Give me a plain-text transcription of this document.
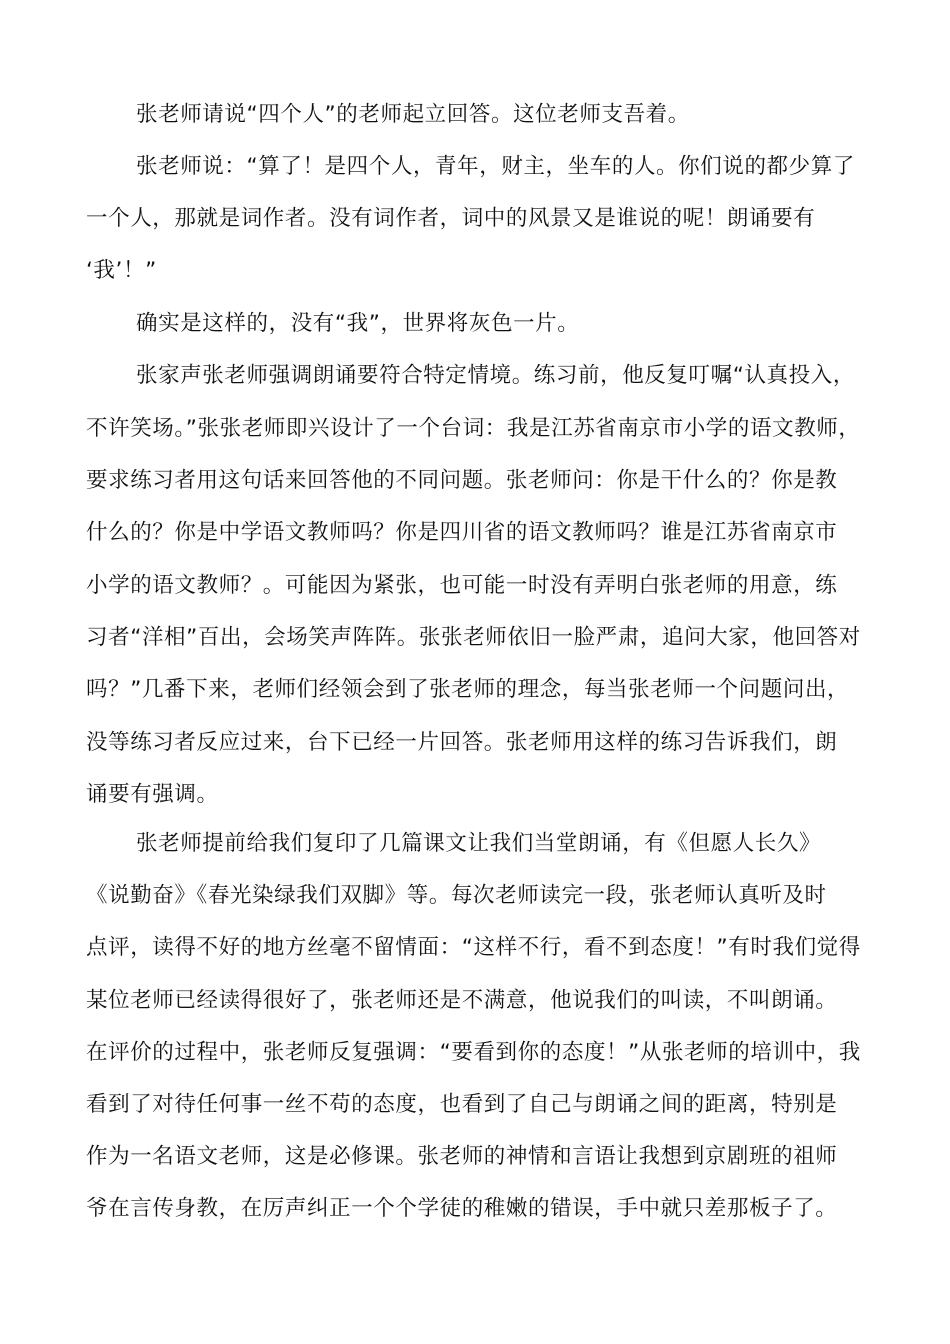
张老师请说“四个人”的老师起立回答。这位老师支吾着。
张老师说：“算了！是四个人，青年，财主，坐车的人。你们说的都少算了
一个人，那就是词作者。没有词作者，词中的风景又是谁说的呢！朗诵要有
‘我’！”
确实是这样的，没有“我”，世界将灰色一片。
张家声张老师强调朗诵要符合特定情境。练习前，他反复叮嘱“认真投入，
不许笑场。”张张老师即兴设计了一个台词：我是江苏省南京市小学的语文教师，
要求练习者用这句话来回答他的不同问题。张老师问：你是干什么的？你是教
什么的？你是中学语文教师吗？你是四川省的语文教师吗？谁是江苏省南京市
小学的语文教师？。可能因为紧张，也可能一时没有弄明白张老师的用意，练
习者“洋相”百出，会场笑声阵阵。张张老师依旧一脸严肃，追问大家，他回答对
吗？”几番下来，老师们经领会到了张老师的理念，每当张老师一个问题问出，
没等练习者反应过来，台下已经一片回答。张老师用这样的练习告诉我们，朗
诵要有强调。
张老师提前给我们复印了几篇课文让我们当堂朗诵，有《但愿人长久》
《说勤奋》《春光染绿我们双脚》等。每次老师读完一段，张老师认真听及时
点评，读得不好的地方丝毫不留情面：“这样不行，看不到态度！”有时我们觉得
某位老师已经读得很好了，张老师还是不满意，他说我们的叫读，不叫朗诵。
在评价的过程中，张老师反复强调：“要看到你的态度！”从张老师的培训中，我
看到了对待任何事一丝不苟的态度，也看到了自己与朗诵之间的距离，特别是
作为一名语文老师，这是必修课。张老师的神情和言语让我想到京剧班的祖师
爷在言传身教，在厉声纠正一个个学徒的稚嫩的错误，手中就只差那板子了。
